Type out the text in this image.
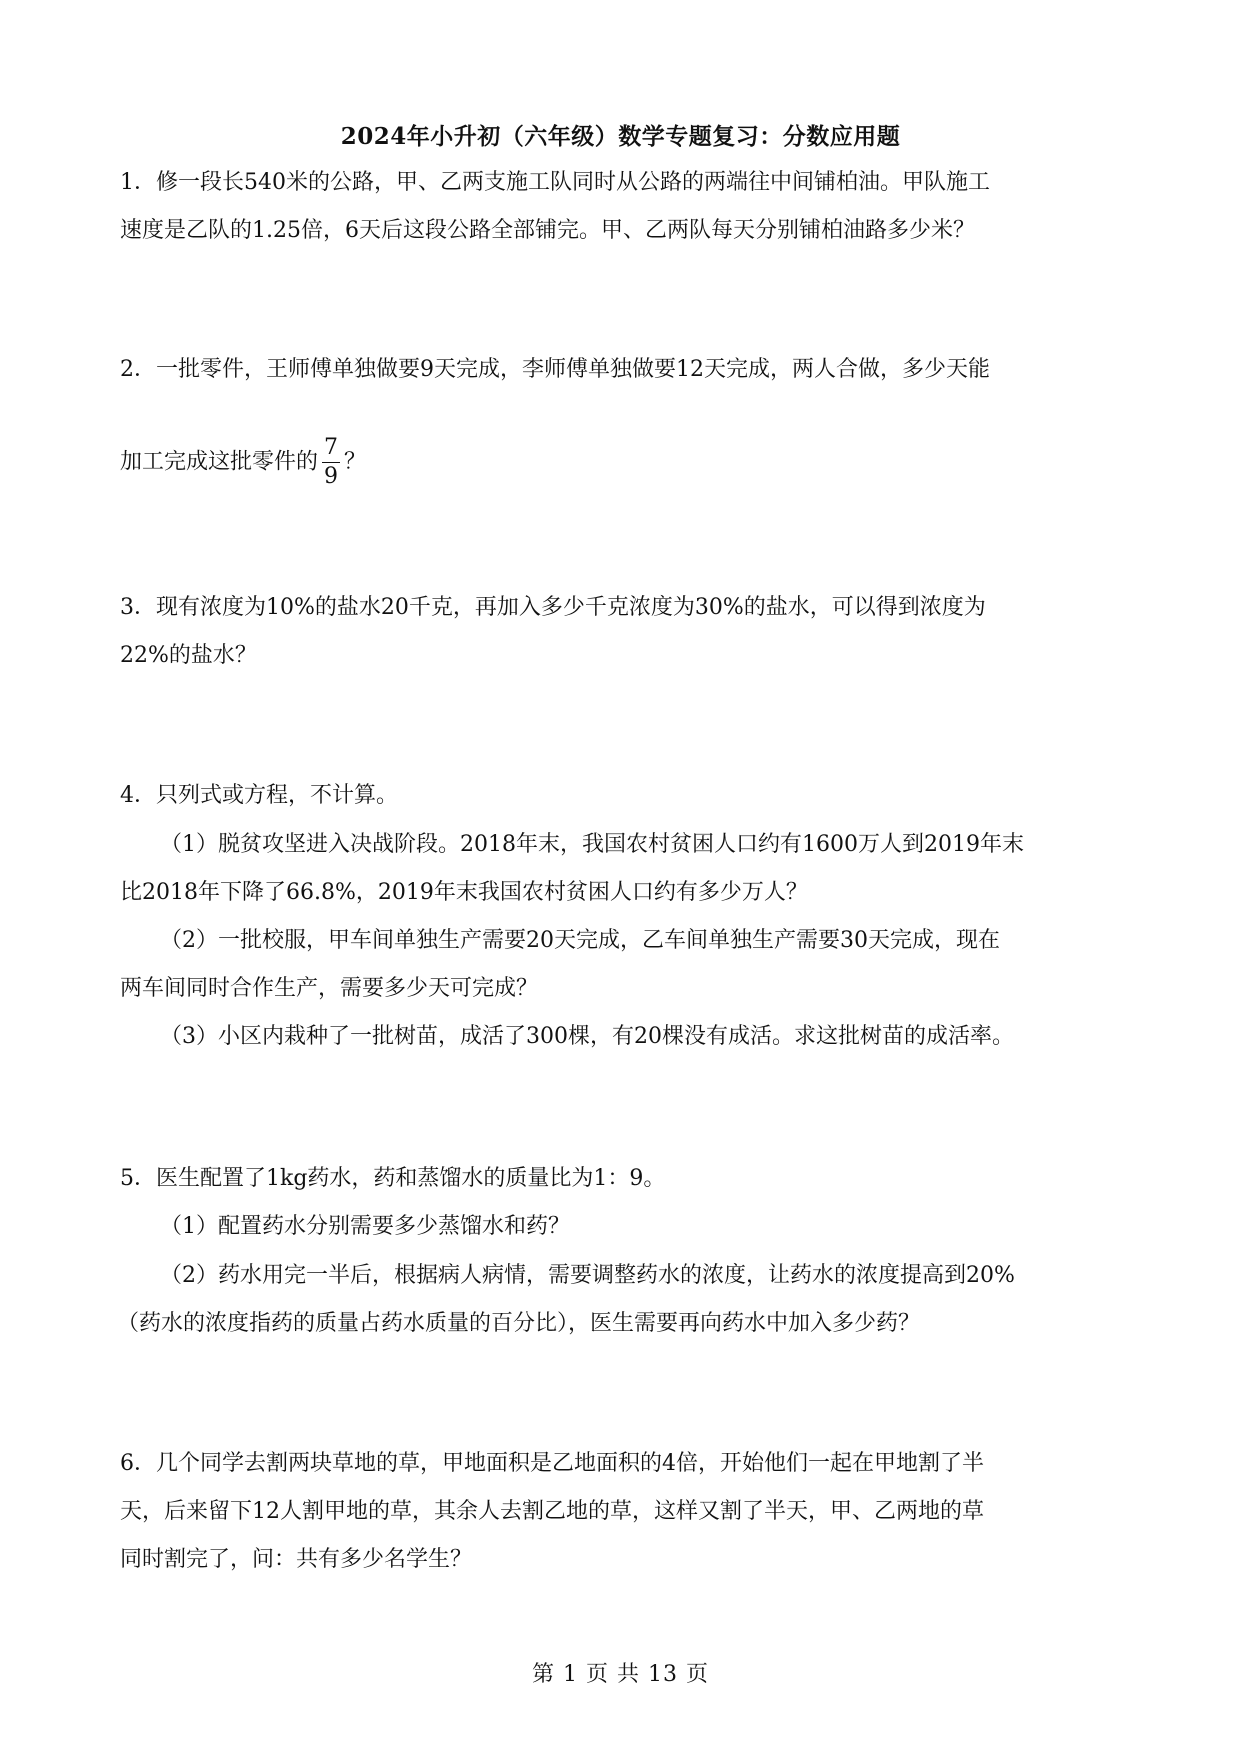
2024年小升初（六年级）数学专题复习：分数应用题
1．修一段长540米的公路，甲、乙两支施工队同时从公路的两端往中间铺柏油。甲队施工
速度是乙队的1.25倍，6天后这段公路全部铺完。甲、乙两队每天分别铺柏油路多少米？
2．一批零件，王师傅单独做要9天完成，李师傅单独做要12天完成，两人合做，多少天能
加工完成这批零件的 $\frac{7}{9}$ ？
3．现有浓度为10%的盐水20千克，再加入多少千克浓度为30%的盐水，可以得到浓度为
22%的盐水？
4．只列式或方程，不计算。
（1）脱贫攻坚进入决战阶段。2018年末，我国农村贫困人口约有1600万人到2019年末
比2018年下降了66.8%，2019年末我国农村贫困人口约有多少万人？
（2）一批校服，甲车间单独生产需要20天完成，乙车间单独生产需要30天完成，现在
两车间同时合作生产，需要多少天可完成？
（3）小区内栽种了一批树苗，成活了300棵，有20棵没有成活。求这批树苗的成活率。
5．医生配置了1kg药水，药和蒸馏水的质量比为1：9。
（1）配置药水分别需要多少蒸馏水和药？
（2）药水用完一半后，根据病人病情，需要调整药水的浓度，让药水的浓度提高到20%
（药水的浓度指药的质量占药水质量的百分比），医生需要再向药水中加入多少药？
6．几个同学去割两块草地的草，甲地面积是乙地面积的4倍，开始他们一起在甲地割了半
天，后来留下12人割甲地的草，其余人去割乙地的草，这样又割了半天，甲、乙两地的草
同时割完了，问：共有多少名学生？
第 1 页 共 13 页
